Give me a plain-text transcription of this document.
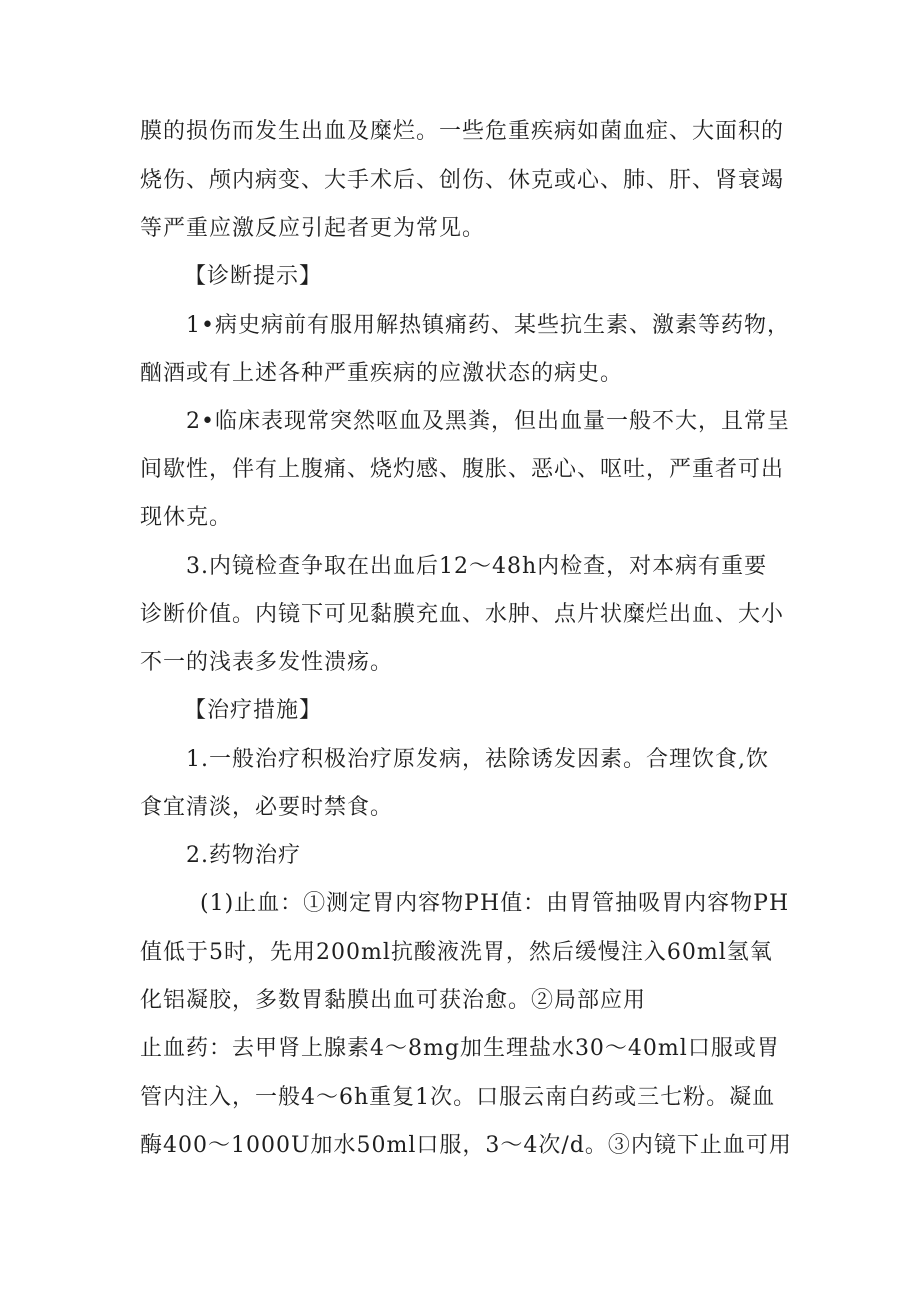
膜的损伤而发生出血及糜烂。一些危重疾病如菌血症、大面积的
烧伤、颅内病变、大手术后、创伤、休克或心、肺、肝、肾衰竭
等严重应激反应引起者更为常见。
【诊断提示】
1•病史病前有服用解热镇痛药、某些抗生素、激素等药物，
酗酒或有上述各种严重疾病的应激状态的病史。
2•临床表现常突然呕血及黑粪，但出血量一般不大，且常呈
间歇性，伴有上腹痛、烧灼感、腹胀、恶心、呕吐，严重者可出
现休克。
3.内镜检查争取在出血后12～48h内检查，对本病有重要
诊断价值。内镜下可见黏膜充血、水肿、点片状糜烂出血、大小
不一的浅表多发性溃疡。
【治疗措施】
1.一般治疗积极治疗原发病，祛除诱发因素。合理饮食,饮
食宜清淡，必要时禁食。
2.药物治疗
(1)止血：①测定胃内容物PH值：由胃管抽吸胃内容物PH
值低于5时，先用200ml抗酸液洗胃，然后缓慢注入60ml氢氧
化铝凝胶，多数胃黏膜出血可获治愈。②局部应用
止血药：去甲肾上腺素4～8mg加生理盐水30～40ml口服或胃
管内注入，一般4～6h重复1次。口服云南白药或三七粉。凝血
酶400～1000U加水50ml口服，3～4次/d。③内镜下止血可用
